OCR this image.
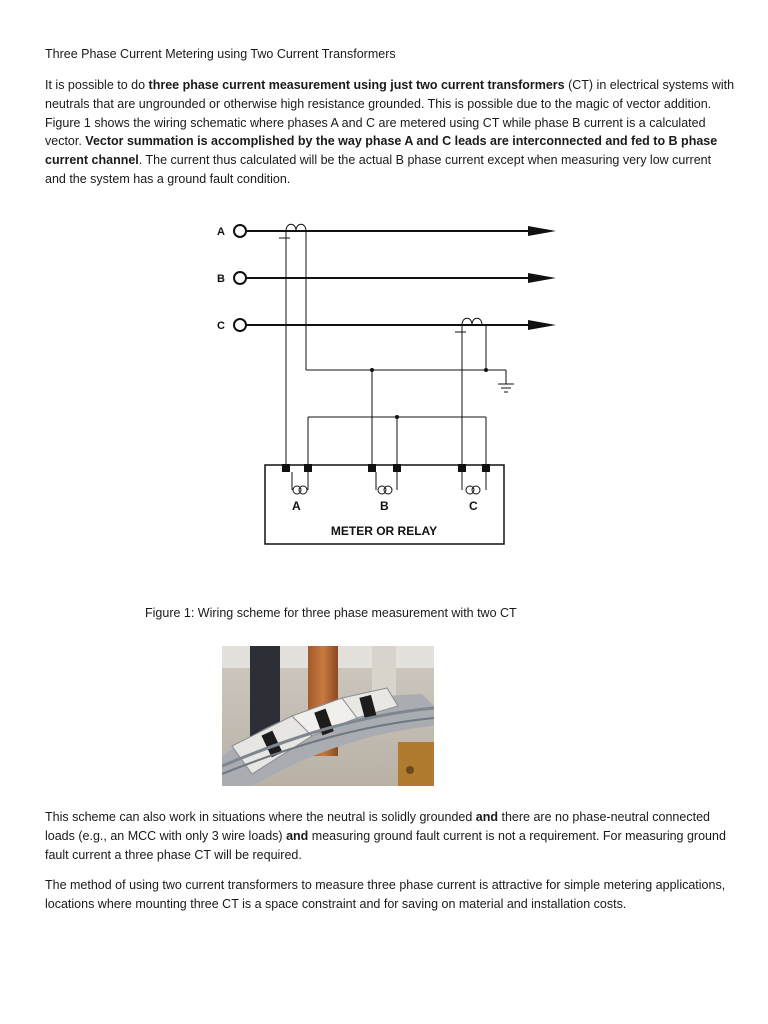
Three Phase Current Metering using Two Current Transformers

It is possible to do three phase current measurement using just two current transformers (CT) in electrical systems with neutrals that are ungrounded or otherwise high resistance grounded. This is possible due to the magic of vector addition. Figure 1 shows the wiring schematic where phases A and C are metered using CT while phase B current is a calculated vector. Vector summation is accomplished by the way phase A and C leads are interconnected and fed to B phase current channel. The current thus calculated will be the actual B phase current except when measuring very low current and the system has a ground fault condition.

A
B
C
A	B	C
METER OR RELAY

Figure 1: Wiring scheme for three phase measurement with two CT

This scheme can also work in situations where the neutral is solidly grounded and there are no phase-neutral connected loads (e.g., an MCC with only 3 wire loads) and measuring ground fault current is not a requirement. For measuring ground fault current a three phase CT will be required.

The method of using two current transformers to measure three phase current is attractive for simple metering applications, locations where mounting three CT is a space constraint and for saving on material and installation costs.
